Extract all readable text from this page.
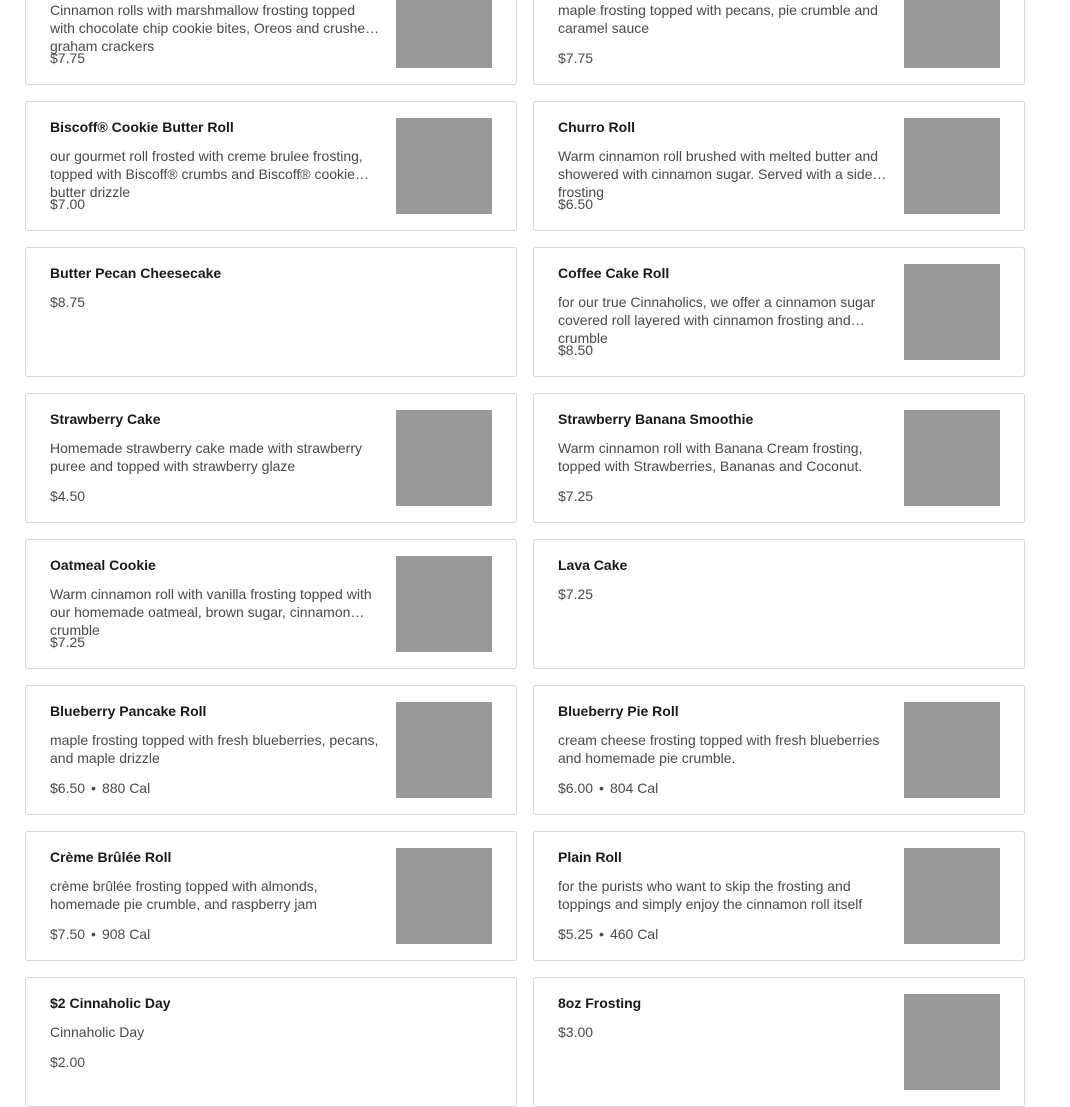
Cinnamon rolls with marshmallow frosting topped with chocolate chip cookie bites, Oreos and crushed graham crackers
$7.75
maple frosting topped with pecans, pie crumble and caramel sauce
$7.75
Biscoff® Cookie Butter Roll
our gourmet roll frosted with creme brulee frosting, topped with Biscoff® crumbs and Biscoff® cookie butter drizzle
$7.00
Churro Roll
Warm cinnamon roll brushed with melted butter and showered with cinnamon sugar. Served with a side of frosting
$6.50
Butter Pecan Cheesecake
$8.75
Coffee Cake Roll
for our true Cinnaholics, we offer a cinnamon sugar covered roll layered with cinnamon frosting and crumble
$8.50
Strawberry Cake
Homemade strawberry cake made with strawberry puree and topped with strawberry glaze
$4.50
Strawberry Banana Smoothie
Warm cinnamon roll with Banana Cream frosting, topped with Strawberries, Bananas and Coconut.
$7.25
Oatmeal Cookie
Warm cinnamon roll with vanilla frosting topped with our homemade oatmeal, brown sugar, cinnamon crumble
$7.25
Lava Cake
$7.25
Blueberry Pancake Roll
maple frosting topped with fresh blueberries, pecans, and maple drizzle
$6.50 • 880 Cal
Blueberry Pie Roll
cream cheese frosting topped with fresh blueberries and homemade pie crumble.
$6.00 • 804 Cal
Crème Brûlée Roll
crème brûlée frosting topped with almonds, homemade pie crumble, and raspberry jam
$7.50 • 908 Cal
Plain Roll
for the purists who want to skip the frosting and toppings and simply enjoy the cinnamon roll itself
$5.25 • 460 Cal
$2 Cinnaholic Day
Cinnaholic Day
$2.00
8oz Frosting
$3.00
